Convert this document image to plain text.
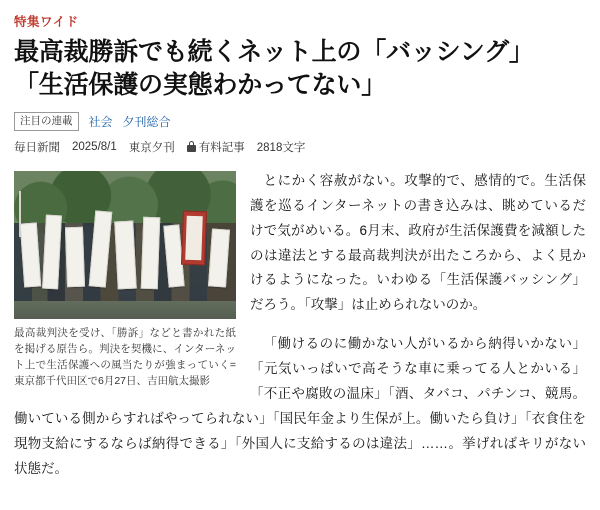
特集ワイド
最高裁勝訴でも続くネット上の「バッシング」 「生活保護の実態わかってない」
注目の連載	社会 夕刊総合
毎日新聞 2025/8/1 東京夕刊 有料記事 2818文字
最高裁判決を受け、「勝訴」などと書かれた紙を掲げる原告ら。判決を契機に、インターネット上で生活保護への風当たりが強まっていく=東京都千代田区で6月27日、吉田航太撮影

とにかく容赦がない。攻撃的で、感情的で。生活保護を巡るインターネットの書き込みは、眺めているだけで気がめいる。6月末、政府が生活保護費を減額したのは違法とする最高裁判決が出たころから、よく見かけるようになった。いわゆる「生活保護バッシング」だろう。「攻撃」は止められないのか。

「働けるのに働かない人がいるから納得いかない」「元気いっぱいで高そうな車に乗ってる人とかいる」「不正や腐敗の温床」「酒、タバコ、パチンコ、競馬。働いている側からすればやってられない」「国民年金より生保が上。働いたら負け」「衣食住を現物支給にするならば納得できる」「外国人に支給するのは違法」……。挙げればキリがない状態だ。
